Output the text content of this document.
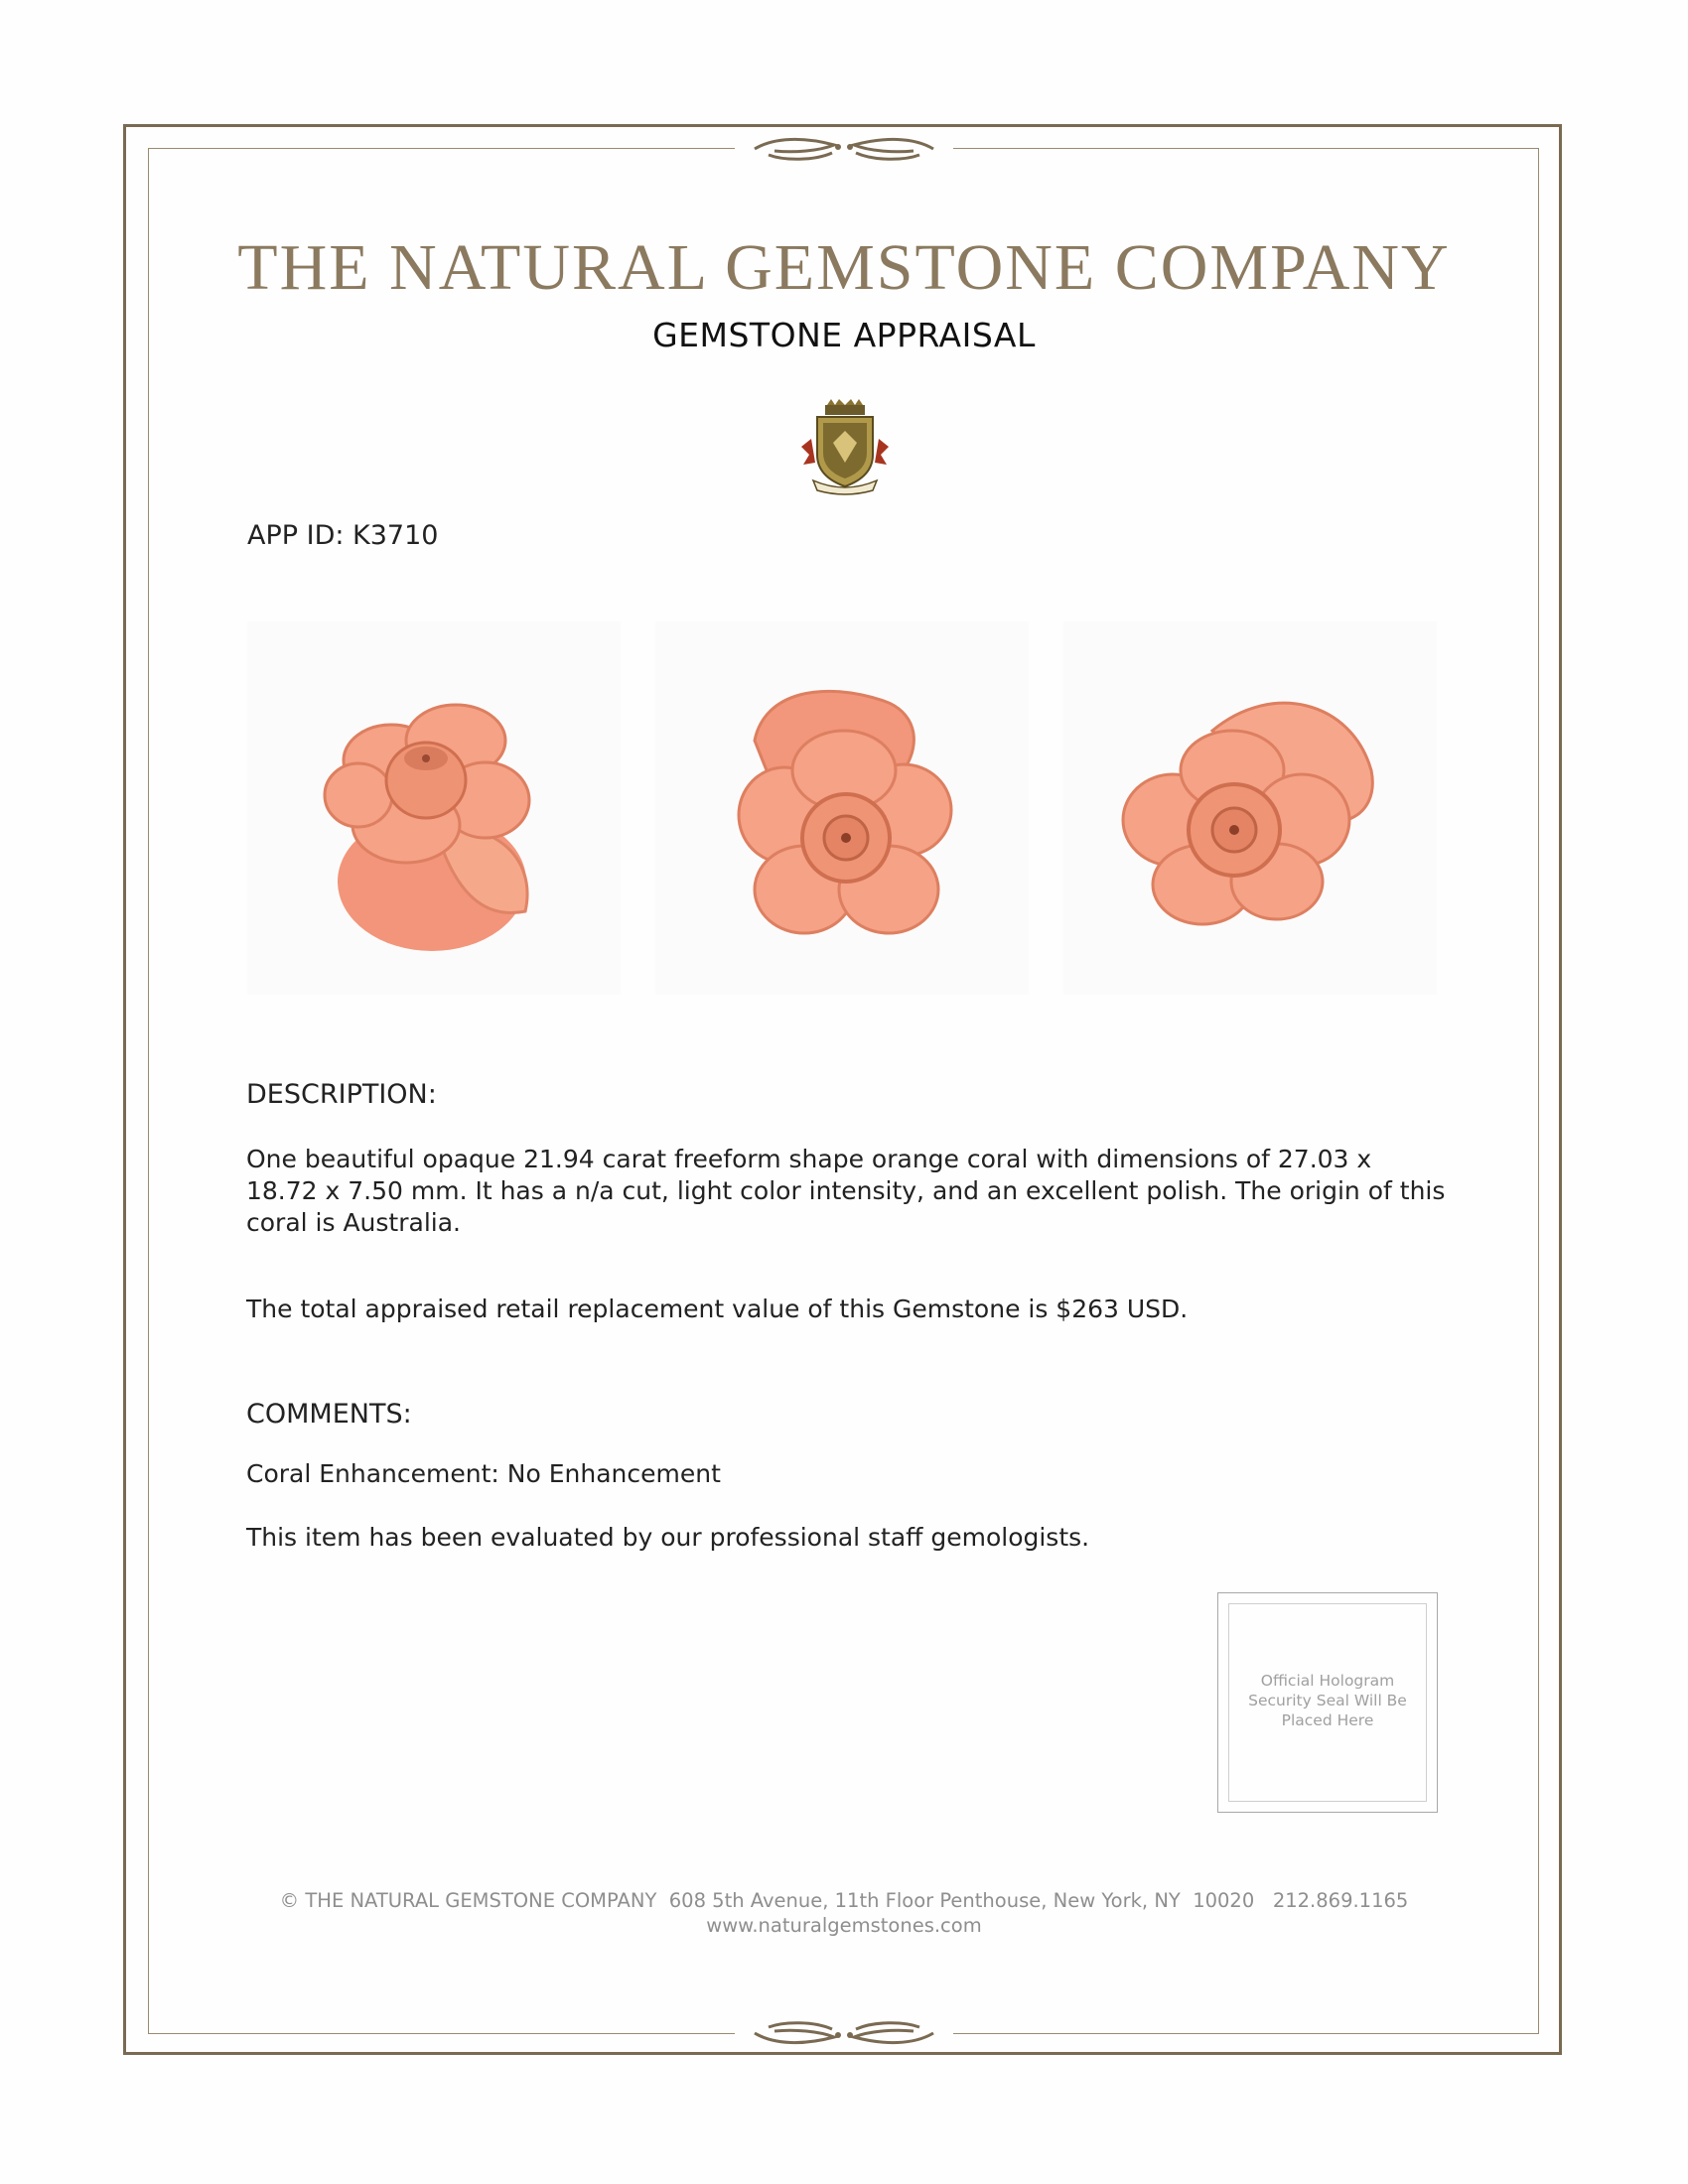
THE NATURAL GEMSTONE COMPANY
GEMSTONE APPRAISAL
APP ID: K3710
DESCRIPTION:
One beautiful opaque 21.94 carat freeform shape orange coral with dimensions of 27.03 x 18.72 x 7.50 mm. It has a n/a cut, light color intensity, and an excellent polish. The origin of this coral is Australia.
The total appraised retail replacement value of this Gemstone is $263 USD.
COMMENTS:
Coral Enhancement: No Enhancement
This item has been evaluated by our professional staff gemologists.
Official Hologram Security Seal Will Be Placed Here
© THE NATURAL GEMSTONE COMPANY  608 5th Avenue, 11th Floor Penthouse, New York, NY  10020   212.869.1165
www.naturalgemstones.com
